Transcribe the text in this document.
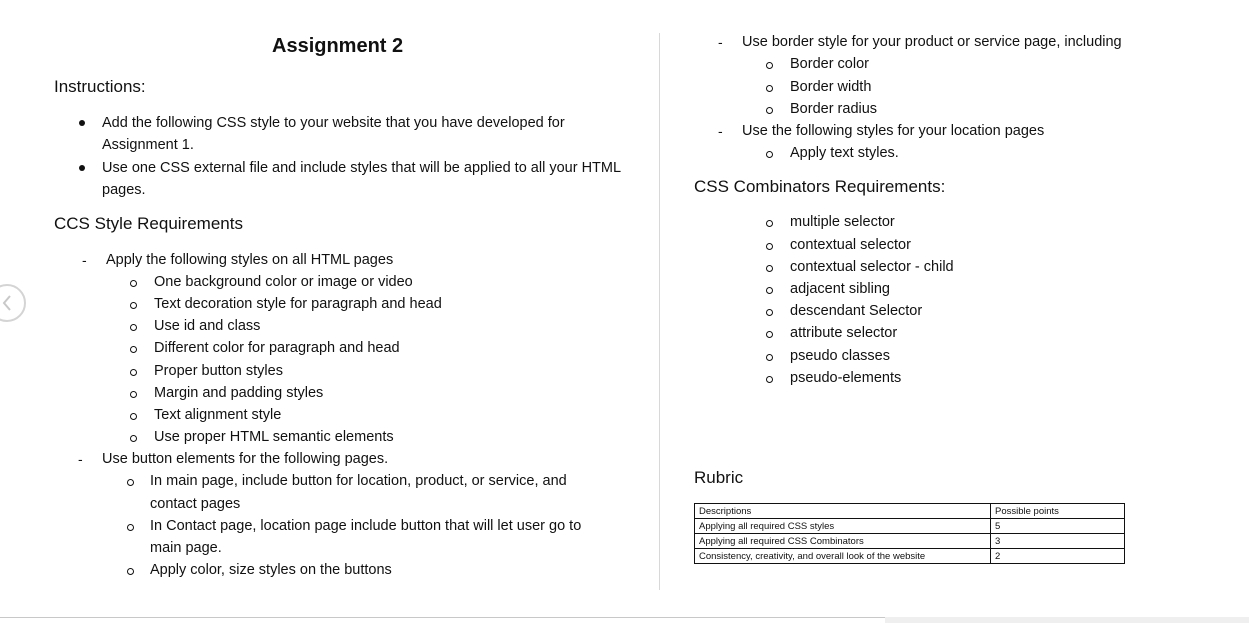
Assignment 2
Instructions:
Add the following CSS style to your website that you have developed for
Assignment 1.
Use one CSS external file and include styles that will be applied to all your HTML
pages.
CCS Style Requirements
- Apply the following styles on all HTML pages
One background color or image or video
Text decoration style for paragraph and head
Use id and class
Different color for paragraph and head
Proper button styles
Margin and padding styles
Text alignment style
Use proper HTML semantic elements
- Use button elements for the following pages.
In main page, include button for location, product, or service, and
contact pages
In Contact page, location page include button that will let user go to
main page.
Apply color, size styles on the buttons
- Use border style for your product or service page, including
Border color
Border width
Border radius
- Use the following styles for your location pages
Apply text styles.
CSS Combinators Requirements:
multiple selector
contextual selector
contextual selector - child
adjacent sibling
descendant Selector
attribute selector
pseudo classes
pseudo-elements
Rubric
Descriptions	Possible points
Applying all required CSS styles	5
Applying all required CSS Combinators	3
Consistency, creativity, and overall look of the website	2
